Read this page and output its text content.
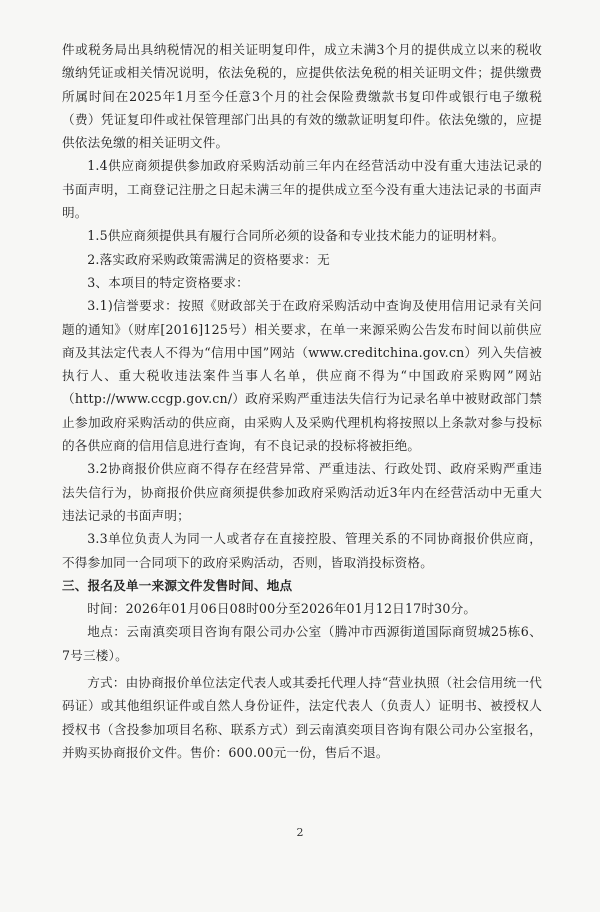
件或税务局出具纳税情况的相关证明复印件，成立未满3个月的提供成立以来的税收缴纳凭证或相关情况说明，依法免税的，应提供依法免税的相关证明文件；提供缴费所属时间在2025年1月至今任意3个月的社会保险费缴款书复印件或银行电子缴税（费）凭证复印件或社保管理部门出具的有效的缴款证明复印件。依法免缴的，应提供依法免缴的相关证明文件。

1.4供应商须提供参加政府采购活动前三年内在经营活动中没有重大违法记录的书面声明，工商登记注册之日起未满三年的提供成立至今没有重大违法记录的书面声明。

1.5供应商须提供具有履行合同所必须的设备和专业技术能力的证明材料。

2.落实政府采购政策需满足的资格要求：无

3、本项目的特定资格要求：

3.1)信誉要求：按照《财政部关于在政府采购活动中查询及使用信用记录有关问题的通知》（财库[2016]125号）相关要求，在单一来源采购公告发布时间以前供应商及其法定代表人不得为“信用中国”网站（www.creditchina.gov.cn）列入失信被执行人、重大税收违法案件当事人名单，供应商不得为“中国政府采购网”网站（http://www.ccgp.gov.cn/）政府采购严重违法失信行为记录名单中被财政部门禁止参加政府采购活动的供应商，由采购人及采购代理机构将按照以上条款对参与投标的各供应商的信用信息进行查询，有不良记录的投标将被拒绝。

3.2协商报价供应商不得存在经营异常、严重违法、行政处罚、政府采购严重违法失信行为，协商报价供应商须提供参加政府采购活动近3年内在经营活动中无重大违法记录的书面声明；

3.3单位负责人为同一人或者存在直接控股、管理关系的不同协商报价供应商，不得参加同一合同项下的政府采购活动，否则，皆取消投标资格。

三、报名及单一来源文件发售时间、地点

时间：2026年01月06日08时00分至2026年01月12日17时30分。

地点：云南滇奕项目咨询有限公司办公室（腾冲市西源街道国际商贸城25栋6、7号三楼）。

方式：由协商报价单位法定代表人或其委托代理人持“营业执照（社会信用统一代码证）或其他组织证件或自然人身份证件，法定代表人（负责人）证明书、被授权人授权书（含投参加项目名称、联系方式）到云南滇奕项目咨询有限公司办公室报名，并购买协商报价文件。售价：600.00元一份，售后不退。

2
